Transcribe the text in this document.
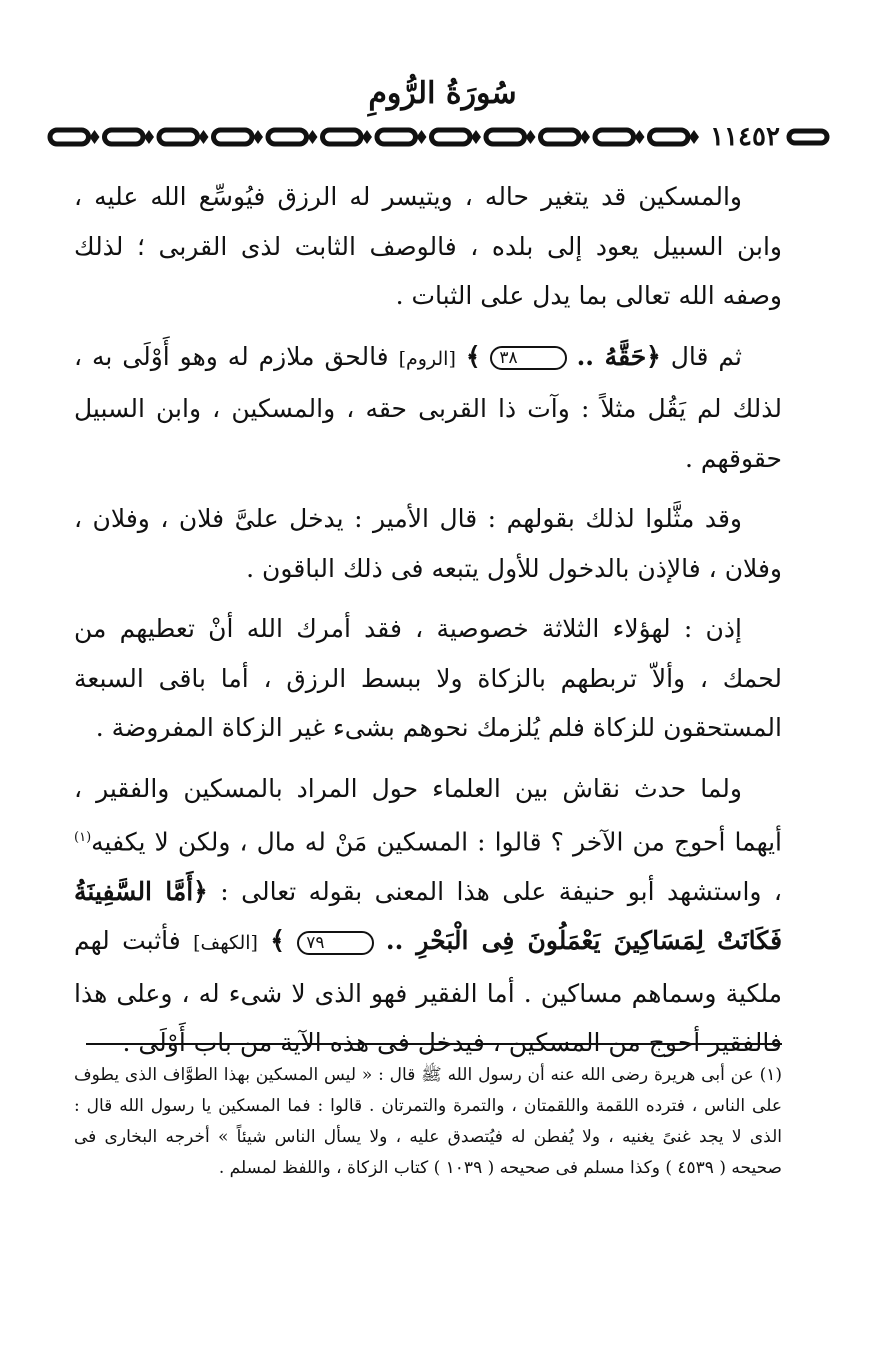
سُورَةُ الرُّومِ
١١٤٥٢

والمسكين قد يتغير حاله ، ويتيسر له الرزق فيُوسِّع الله عليه ، وابن السبيل يعود إلى بلده ، فالوصف الثابت لذى القربى ؛ لذلك وصفه الله تعالى بما يدل على الثبات .

ثم قال ﴿حَقَّهُ .. ٣٨ ﴾ [الروم] فالحق ملازم له وهو أَوْلَى به ، لذلك لم يَقُل مثلاً : وآت ذا القربى حقه ، والمسكين ، وابن السبيل حقوقهم .

وقد مثَّلوا لذلك بقولهم : قال الأمير : يدخل علىَّ فلان ، وفلان ، وفلان ، فالإذن بالدخول للأول يتبعه فى ذلك الباقون .

إذن : لهؤلاء الثلاثة خصوصية ، فقد أمرك الله أنْ تعطيهم من لحمك ، وألاّ تربطهم بالزكاة ولا ببسط الرزق ، أما باقى السبعة المستحقون للزكاة فلم يُلزمك نحوهم بشىء غير الزكاة المفروضة .

ولما حدث نقاش بين العلماء حول المراد بالمسكين والفقير ، أيهما أحوج من الآخر ؟ قالوا : المسكين مَنْ له مال ، ولكن لا يكفيه$^{(١)}$ ، واستشهد أبو حنيفة على هذا المعنى بقوله تعالى : ﴿أَمَّا السَّفِينَةُ فَكَانَتْ لِمَسَاكِينَ يَعْمَلُونَ فِى الْبَحْرِ .. ٧٩ ﴾ [الكهف] فأثبت لهم ملكية وسماهم مساكين . أما الفقير فهو الذى لا شىء له ، وعلى هذا فالفقير أحوج من المسكين ، فيدخل فى هذه الآية من باب أَوْلَى .

(١) عن أبى هريرة رضى الله عنه أن رسول الله ﷺ قال : « ليس المسكين بهذا الطوَّاف الذى يطوف على الناس ، فترده اللقمة واللقمتان ، والتمرة والتمرتان . قالوا : فما المسكين يا رسول الله قال : الذى لا يجد غنىً يغنيه ، ولا يُفطن له فيُتصدق عليه ، ولا يسأل الناس شيئاً » أخرجه البخارى فى صحيحه ( ٤٥٣٩ ) وكذا مسلم فى صحيحه ( ١٠٣٩ ) كتاب الزكاة ، واللفظ لمسلم .
